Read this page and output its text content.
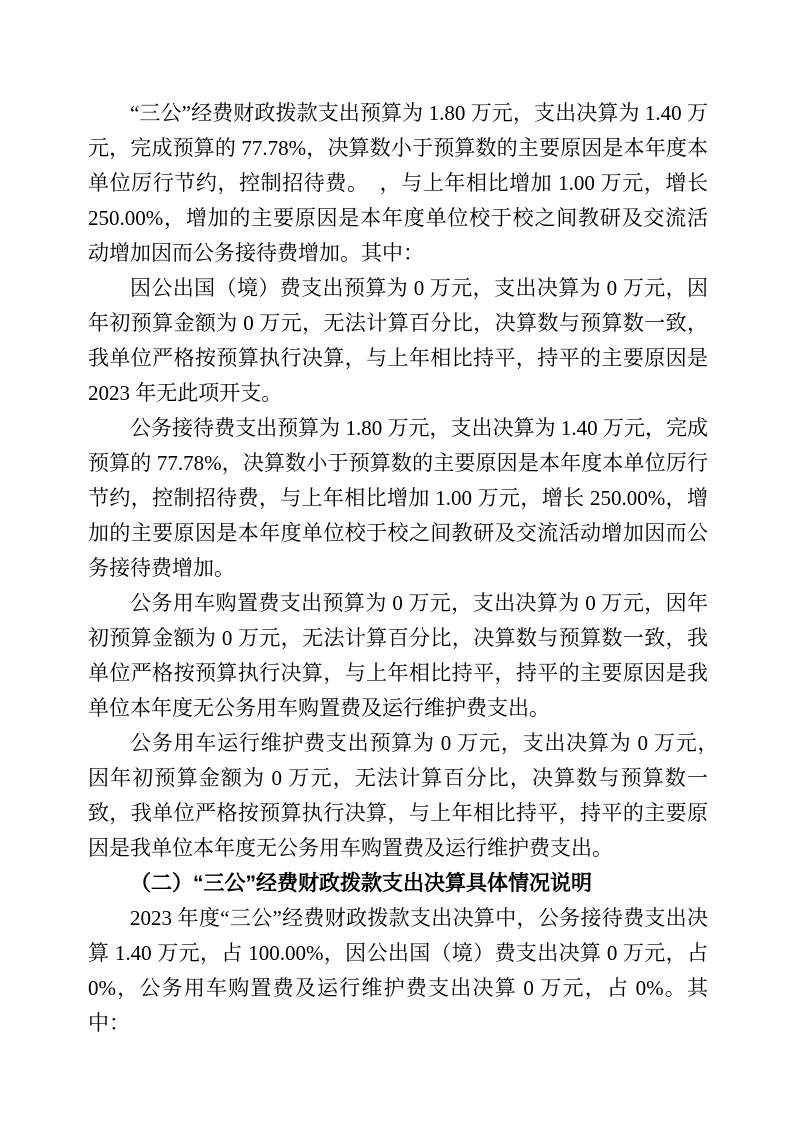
“三公”经费财政拨款支出预算为 1.80 万元，支出决算为 1.40 万元，完成预算的 77.78%，决算数小于预算数的主要原因是本年度本单位厉行节约，控制招待费。　，与上年相比增加 1.00 万元，增长 250.00%，增加的主要原因是本年度单位校于校之间教研及交流活动增加因而公务接待费增加。其中：

因公出国（境）费支出预算为 0 万元，支出决算为 0 万元，因年初预算金额为 0 万元，无法计算百分比，决算数与预算数一致，我单位严格按预算执行决算，与上年相比持平，持平的主要原因是 2023 年无此项开支。

公务接待费支出预算为 1.80 万元，支出决算为 1.40 万元，完成预算的 77.78%，决算数小于预算数的主要原因是本年度本单位厉行节约，控制招待费，与上年相比增加 1.00 万元，增长 250.00%，增加的主要原因是本年度单位校于校之间教研及交流活动增加因而公务接待费增加。

公务用车购置费支出预算为 0 万元，支出决算为 0 万元，因年初预算金额为 0 万元，无法计算百分比，决算数与预算数一致，我单位严格按预算执行决算，与上年相比持平，持平的主要原因是我单位本年度无公务用车购置费及运行维护费支出。

公务用车运行维护费支出预算为 0 万元，支出决算为 0 万元，　　因年初预算金额为 0 万元，无法计算百分比，决算数与预算数一致，我单位严格按预算执行决算，与上年相比持平，持平的主要原因是我单位本年度无公务用车购置费及运行维护费支出。

（二）“三公”经费财政拨款支出决算具体情况说明

2023 年度“三公”经费财政拨款支出决算中，公务接待费支出决算 1.40 万元，占 100.00%，因公出国（境）费支出决算 0 万元，占 0%，公务用车购置费及运行维护费支出决算 0 万元，占 0%。其中：
